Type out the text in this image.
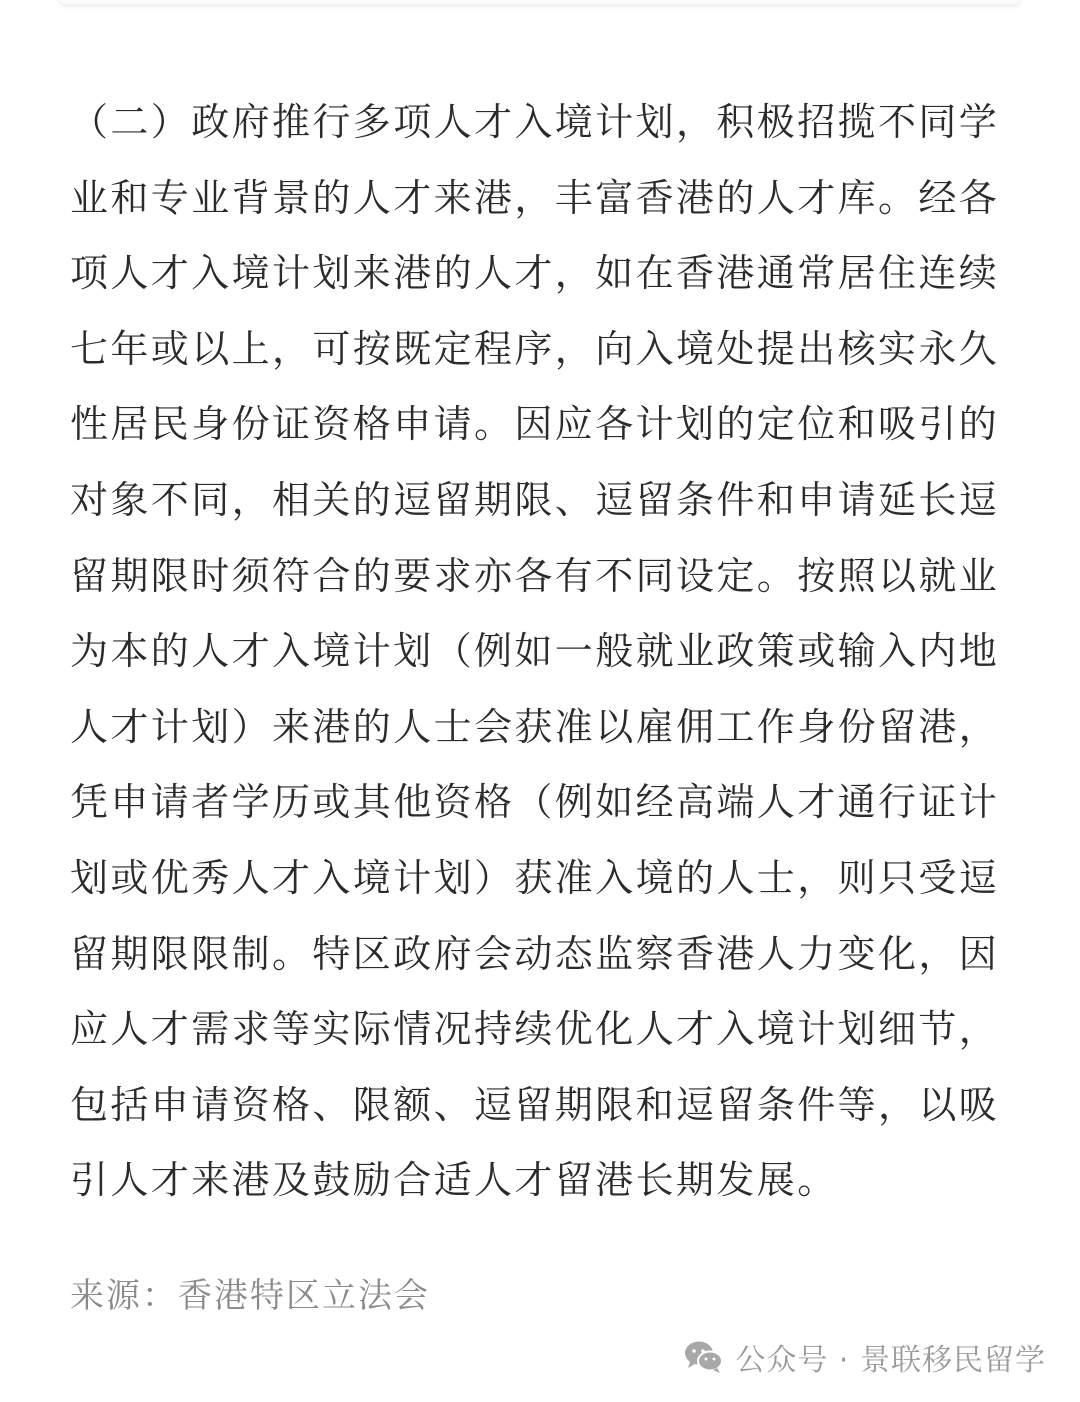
（二）政府推行多项人才入境计划，积极招揽不同学
业和专业背景的人才来港，丰富香港的人才库。经各
项人才入境计划来港的人才，如在香港通常居住连续
七年或以上，可按既定程序，向入境处提出核实永久
性居民身份证资格申请。因应各计划的定位和吸引的
对象不同，相关的逗留期限、逗留条件和申请延长逗
留期限时须符合的要求亦各有不同设定。按照以就业
为本的人才入境计划（例如一般就业政策或输入内地
人才计划）来港的人士会获准以雇佣工作身份留港，
凭申请者学历或其他资格（例如经高端人才通行证计
划或优秀人才入境计划）获准入境的人士，则只受逗
留期限限制。特区政府会动态监察香港人力变化，因
应人才需求等实际情况持续优化人才入境计划细节，
包括申请资格、限额、逗留期限和逗留条件等，以吸
引人才来港及鼓励合适人才留港长期发展。
来源：香港特区立法会
公众号 · 景联移民留学
